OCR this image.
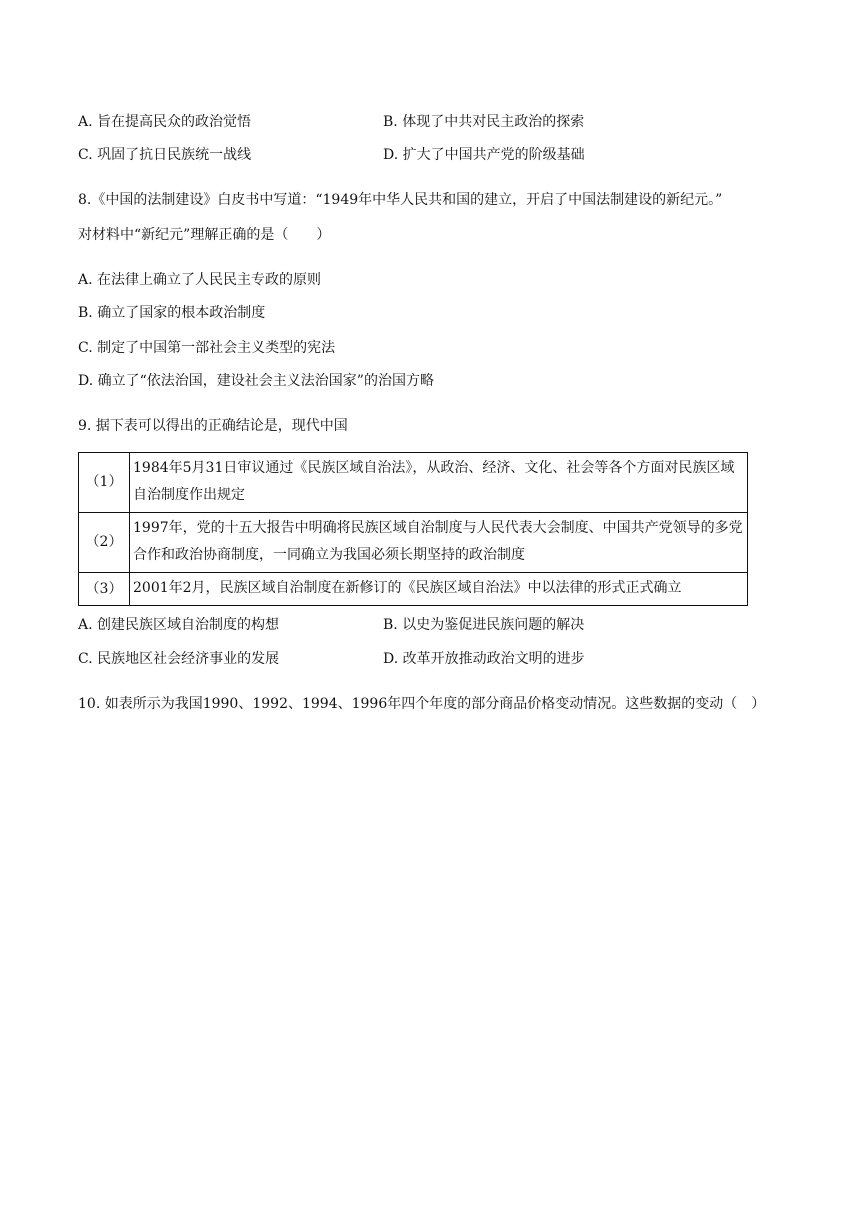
A. 旨在提高民众的政治觉悟	B. 体现了中共对民主政治的探索
C. 巩固了抗日民族统一战线	D. 扩大了中国共产党的阶级基础
8.《中国的法制建设》白皮书中写道：“1949年中华人民共和国的建立，开启了中国法制建设的新纪元。”
对材料中“新纪元”理解正确的是（　　）
A. 在法律上确立了人民民主专政的原则
B. 确立了国家的根本政治制度
C. 制定了中国第一部社会主义类型的宪法
D. 确立了“依法治国，建设社会主义法治国家”的治国方略
9. 据下表可以得出的正确结论是，现代中国
（1）	1984年5月31日审议通过《民族区域自治法》，从政治、经济、文化、社会等各个方面对民族区域自治制度作出规定
（2）	1997年，党的十五大报告中明确将民族区域自治制度与人民代表大会制度、中国共产党领导的多党合作和政治协商制度，一同确立为我国必须长期坚持的政治制度
（3）	2001年2月，民族区域自治制度在新修订的《民族区域自治法》中以法律的形式正式确立
A. 创建民族区域自治制度的构想	B. 以史为鉴促进民族问题的解决
C. 民族地区社会经济事业的发展	D. 改革开放推动政治文明的进步
10. 如表所示为我国1990、1992、1994、1996年四个年度的部分商品价格变动情况。这些数据的变动（　）
